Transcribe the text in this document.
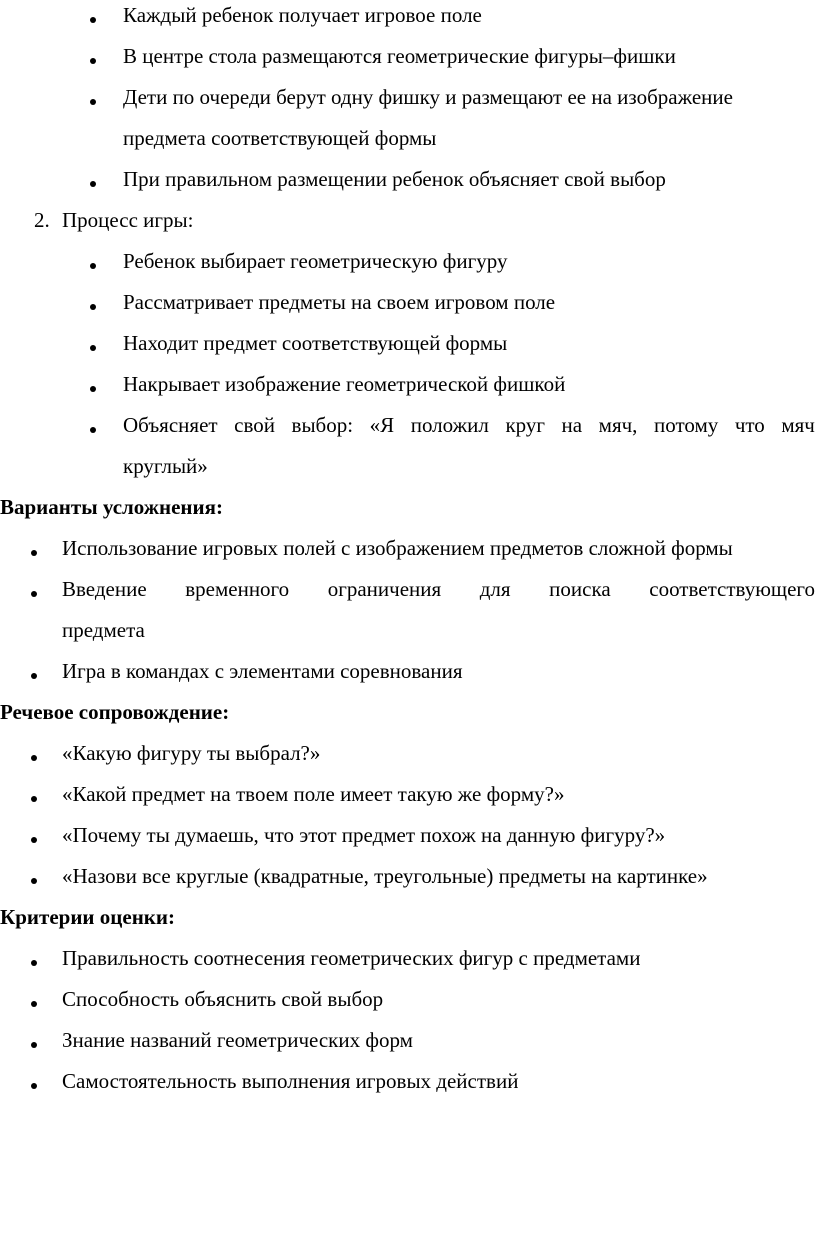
Каждый ребенок получает игровое поле
В центре стола размещаются геометрические фигуры–фишки
Дети по очереди берут одну фишку и размещают ее на изображение
предмета соответствующей формы
При правильном размещении ребенок объясняет свой выбор
2. Процесс игры:
Ребенок выбирает геометрическую фигуру
Рассматривает предметы на своем игровом поле
Находит предмет соответствующей формы
Накрывает изображение геометрической фишкой
Объясняет свой выбор: «Я положил круг на мяч, потому что мяч
круглый»
Варианты усложнения:
Использование игровых полей с изображением предметов сложной формы
Введение временного ограничения для поиска соответствующего
предмета
Игра в командах с элементами соревнования
Речевое сопровождение:
«Какую фигуру ты выбрал?»
«Какой предмет на твоем поле имеет такую же форму?»
«Почему ты думаешь, что этот предмет похож на данную фигуру?»
«Назови все круглые (квадратные, треугольные) предметы на картинке»
Критерии оценки:
Правильность соотнесения геометрических фигур с предметами
Способность объяснить свой выбор
Знание названий геометрических форм
Самостоятельность выполнения игровых действий
